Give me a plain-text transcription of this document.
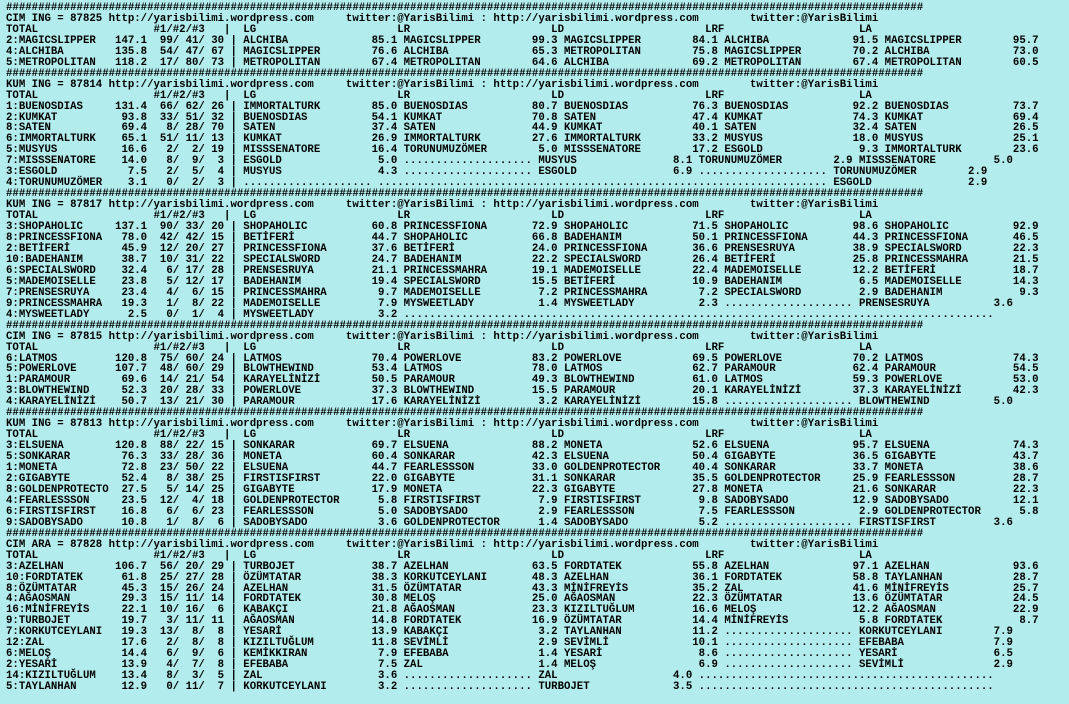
###############################################################################################################################################
CIM ING = 87825 http://yarisbilimi.wordpress.com     twitter:@YarisBilimi : http://yarisbilimi.wordpress.com        twitter:@YarisBilimi
TOTAL                  #1/#2/#3   |  LG                      LR                      LD                      LRF                     LA
2:MAGICSLIPPER   147.1  99/ 41/ 30 | ALCHIBA             85.1 MAGICSLIPPER        99.3 MAGICSLIPPER        84.1 ALCHIBA             91.5 MAGICSLIPPER        95.7
4:ALCHIBA        135.8  54/ 47/ 67 | MAGICSLIPPER        76.6 ALCHIBA             65.3 METROPOLITAN        75.8 MAGICSLIPPER        70.2 ALCHIBA             73.0
5:METROPOLITAN   118.2  17/ 80/ 73 | METROPOLITAN        67.4 METROPOLITAN        64.6 ALCHIBA             69.2 METROPOLITAN        67.4 METROPOLITAN        60.5
###############################################################################################################################################
KUM ING = 87814 http://yarisbilimi.wordpress.com     twitter:@YarisBilimi : http://yarisbilimi.wordpress.com        twitter:@YarisBilimi
TOTAL                  #1/#2/#3   |  LG                      LR                      LD                      LRF                     LA
1:BUENOSDIAS     131.4  66/ 62/ 26 | IMMORTALTURK        85.0 BUENOSDIAS          80.7 BUENOSDIAS          76.3 BUENOSDIAS          92.2 BUENOSDIAS          73.7
2:KUMKAT          93.8  33/ 51/ 32 | BUENOSDIAS          54.1 KUMKAT              70.8 SATEN               47.4 KUMKAT              74.3 KUMKAT              69.4
8:SATEN           69.4   8/ 28/ 70 | SATEN               37.4 SATEN               44.9 KUMKAT              40.1 SATEN               32.4 SATEN               26.5
6:IMMORTALTURK    65.1  51/ 11/ 13 | KUMKAT              26.9 IMMORTALTURK        27.6 IMMORTALTURK        33.2 MUSYUS              18.0 MUSYUS              25.1
5:MUSYUS          16.6   2/  2/ 19 | MISSSENATORE        16.4 TORUNUMUZÖMER        5.0 MISSSENATORE        17.2 ESGOLD               9.3 IMMORTALTURK        23.6
7:MISSSENATORE    14.0   8/  9/  3 | ESGOLD               5.0 .................... MUSYUS               8.1 TORUNUMUZÖMER        2.9 MISSSENATORE         5.0
3:ESGOLD           7.5   2/  5/  4 | MUSYUS               4.3 .................... ESGOLD               6.9 .................... TORUNUMUZÖMER        2.9
4:TORUNUMUZÖMER    3.1   0/  2/  3 | .................... ...................................................................... ESGOLD               2.9
###############################################################################################################################################
KUM ING = 87817 http://yarisbilimi.wordpress.com     twitter:@YarisBilimi : http://yarisbilimi.wordpress.com        twitter:@YarisBilimi
TOTAL                  #1/#2/#3   |  LG                      LR                      LD                      LRF                     LA
3:SHOPAHOLIC     137.1  90/ 33/ 20 | SHOPAHOLIC          60.8 PRINCESSFIONA       72.9 SHOPAHOLIC          71.5 SHOPAHOLIC          98.6 SHOPAHOLIC          92.9
8:PRINCESSFIONA   78.0  42/ 42/ 15 | BETİFERİ            44.7 SHOPAHOLIC          66.8 BADEHANIM           50.1 PRINCESSFIONA       44.3 PRINCESSFIONA       46.5
2:BETİFERİ        45.9  12/ 20/ 27 | PRINCESSFIONA       37.6 BETİFERİ            24.0 PRINCESSFIONA       36.6 PRENSESRUYA         38.9 SPECIALSWORD        22.3
10:BADEHANIM      38.7  10/ 31/ 22 | SPECIALSWORD        24.7 BADEHANIM           22.2 SPECIALSWORD        26.4 BETİFERİ            25.8 PRINCESSMAHRA       21.5
6:SPECIALSWORD    32.4   6/ 17/ 28 | PRENSESRUYA         21.1 PRINCESSMAHRA       19.1 MADEMOISELLE        22.4 MADEMOISELLE        12.2 BETİFERİ            18.7
5:MADEMOISELLE    23.8   5/ 12/ 17 | BADEHANIM           19.4 SPECIALSWORD        15.5 BETİFERİ            10.9 BADEHANIM            6.5 MADEMOISELLE        14.3
7:PRENSESRUYA     23.4   4/  6/ 15 | PRINCESSMAHRA        9.7 MADEMOISELLE         7.2 PRINCESSMAHRA        7.2 SPECIALSWORD         2.9 BADEHANIM            9.3
9:PRINCESSMAHRA   19.3   1/  8/ 22 | MADEMOISELLE         7.9 MYSWEETLADY          1.4 MYSWEETLADY          2.3 .................... PRENSESRUYA          3.6
4:MYSWEETLADY      2.5   0/  1/  4 | MYSWEETLADY          3.2 ............................................................................................
###############################################################################################################################################
CIM ING = 87815 http://yarisbilimi.wordpress.com     twitter:@YarisBilimi : http://yarisbilimi.wordpress.com        twitter:@YarisBilimi
TOTAL                  #1/#2/#3   |  LG                      LR                      LD                      LRF                     LA
6:LATMOS         120.8  75/ 60/ 24 | LATMOS              70.4 POWERLOVE           83.2 POWERLOVE           69.5 POWERLOVE           70.2 LATMOS              74.3
5:POWERLOVE      107.7  48/ 60/ 29 | BLOWTHEWIND         53.4 LATMOS              78.0 LATMOS              62.7 PARAMOUR            62.4 PARAMOUR            54.5
1:PARAMOUR        69.6  14/ 21/ 54 | KARAYELİNİZİ        50.5 PARAMOUR            49.3 BLOWTHEWIND         61.0 LATMOS              59.3 POWERLOVE           53.0
3:BLOWTHEWIND     52.3  20/ 28/ 33 | POWERLOVE           37.3 BLOWTHEWIND         15.5 PARAMOUR            20.1 KARAYELİNİZİ        37.3 KARAYELİNİZİ        42.3
4:KARAYELİNİZİ    50.7  13/ 21/ 30 | PARAMOUR            17.6 KARAYELİNİZİ         3.2 KARAYELİNİZİ        15.8 .................... BLOWTHEWIND          5.0
###############################################################################################################################################
KUM ING = 87813 http://yarisbilimi.wordpress.com     twitter:@YarisBilimi : http://yarisbilimi.wordpress.com        twitter:@YarisBilimi
TOTAL                  #1/#2/#3   |  LG                      LR                      LD                      LRF                     LA
3:ELSUENA        120.8  88/ 22/ 15 | SONKARAR            69.7 ELSUENA             88.2 MONETA              52.6 ELSUENA             95.7 ELSUENA             74.3
5:SONKARAR        76.3  33/ 28/ 36 | MONETA              60.4 SONKARAR            42.3 ELSUENA             50.4 GIGABYTE            36.5 GIGABYTE            43.7
1:MONETA          72.8  23/ 50/ 22 | ELSUENA             44.7 FEARLESSSON         33.0 GOLDENPROTECTOR     40.4 SONKARAR            33.7 MONETA              38.6
2:GIGABYTE        52.4   8/ 38/ 25 | FIRSTISFIRST        22.0 GIGABYTE            31.1 SONKARAR            35.5 GOLDENPROTECTOR     25.9 FEARLESSSON         28.7
8:GOLDENPROTECTO  27.5   5/ 14/ 25 | GIGABYTE            17.9 MONETA              22.3 GIGABYTE            27.8 MONETA              21.6 SONKARAR            22.3
4:FEARLESSSON     23.5  12/  4/ 18 | GOLDENPROTECTOR      5.8 FIRSTISFIRST         7.9 FIRSTISFIRST         9.8 SADOBYSADO          12.9 SADOBYSADO          12.1
6:FIRSTISFIRST    16.8   6/  6/ 23 | FEARLESSSON          5.0 SADOBYSADO           2.9 FEARLESSSON          7.5 FEARLESSSON          2.9 GOLDENPROTECTOR      5.8
9:SADOBYSADO      10.8   1/  8/  6 | SADOBYSADO           3.6 GOLDENPROTECTOR      1.4 SADOBYSADO           5.2 .................... FIRSTISFIRST         3.6
###############################################################################################################################################
CIM ARA = 87828 http://yarisbilimi.wordpress.com     twitter:@YarisBilimi : http://yarisbilimi.wordpress.com        twitter:@YarisBilimi
TOTAL                  #1/#2/#3   |  LG                      LR                      LD                      LRF                     LA
3:AZELHAN        106.7  56/ 20/ 29 | TURBOJET            38.7 AZELHAN             63.5 FORDTATEK           55.8 AZELHAN             97.1 AZELHAN             93.6
10:FORDTATEK      61.8  25/ 27/ 28 | ÖZÜMTATAR           38.3 KORKUTCEYLANI       48.3 AZELHAN             36.1 FORDTATEK           58.8 TAYLANHAN           28.7
8:ÖZÜMTATAR       45.3  15/ 26/ 24 | AZELHAN             31.5 ÖZÜMTATAR           43.3 MİNİFREYİS          35.2 ZAL                 41.6 MİNİFREYİS          25.7
4:AĞAOSMAN        29.3  15/ 11/ 14 | FORDTATEK           30.8 MELOŞ               25.0 AĞAOSMAN            22.3 ÖZÜMTATAR           13.6 ÖZÜMTATAR           24.5
16:MİNİFREYİS     22.1  10/ 16/  6 | KABAKÇI             21.8 AĞAOSMAN            23.3 KIZILTUĞLUM         16.6 MELOŞ               12.2 AĞAOSMAN            22.9
9:TURBOJET        19.7   3/ 11/ 11 | AĞAOSMAN            14.8 FORDTATEK           16.9 ÖZÜMTATAR           14.4 MİNİFREYİS           5.8 FORDTATEK            8.7
7:KORKUTCEYLANI   19.3  13/  8/  8 | YESARİ              13.9 KABAKÇI              3.2 TAYLANHAN           11.2 .................... KORKUTCEYLANI        7.9
12:ZAL            17.6   2/  8/  8 | KIZILTUĞLUM         11.8 SEVİMLİ              2.9 SEVİMLİ             10.1 .................... EFEBABA              7.9
6:MELOŞ           14.4   6/  9/  6 | KEMİKKIRAN           7.9 EFEBABA              1.4 YESARİ               8.6 .................... YESARİ               6.5
2:YESARİ          13.9   4/  7/  8 | EFEBABA              7.5 ZAL                  1.4 MELOŞ                6.9 .................... SEVİMLİ              2.9
14:KIZILTUĞLUM    13.4   8/  3/  5 | ZAL                  3.6 .................... ZAL                  4.0 ..............................................
5:TAYLANHAN       12.9   0/ 11/  7 | KORKUTCEYLANI        3.2 .................... TURBOJET             3.5 ..............................................
